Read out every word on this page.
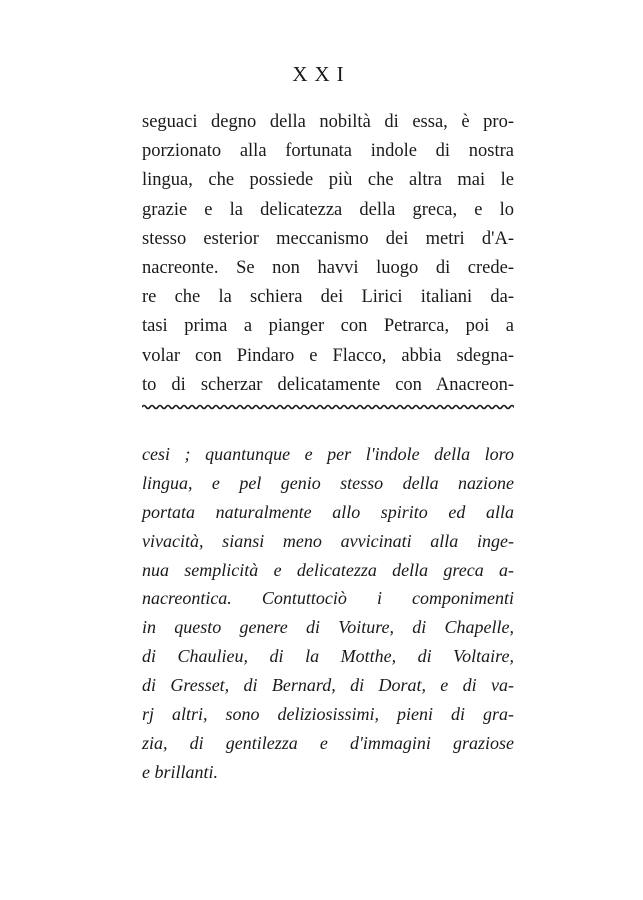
XXI
seguaci degno della nobiltà di essa, è pro-
porzionato alla fortunata indole di nostra
lingua, che possiede più che altra mai le
grazie e la delicatezza della greca, e lo
stesso esterior meccanismo dei metri d'A-
nacreonte. Se non havvi luogo di crede-
re che la schiera dei Lirici italiani da-
tasi prima a pianger con Petrarca, poi a
volar con Pindaro e Flacco, abbia sdegna-
to di scherzar delicatamente con Anacreon-
cesi ; quantunque e per l'indole della loro
lingua, e pel genio stesso della nazione
portata naturalmente allo spirito ed alla
vivacità, siansi meno avvicinati alla inge-
nua semplicità e delicatezza della greca a-
nacreontica. Contuttociò i componimenti
in questo genere di Voiture, di Chapelle,
di Chaulieu, di la Motthe, di Voltaire,
di Gresset, di Bernard, di Dorat, e di va-
rj altri, sono deliziosissimi, pieni di gra-
zia, di gentilezza e d'immagini graziose
e brillanti.
